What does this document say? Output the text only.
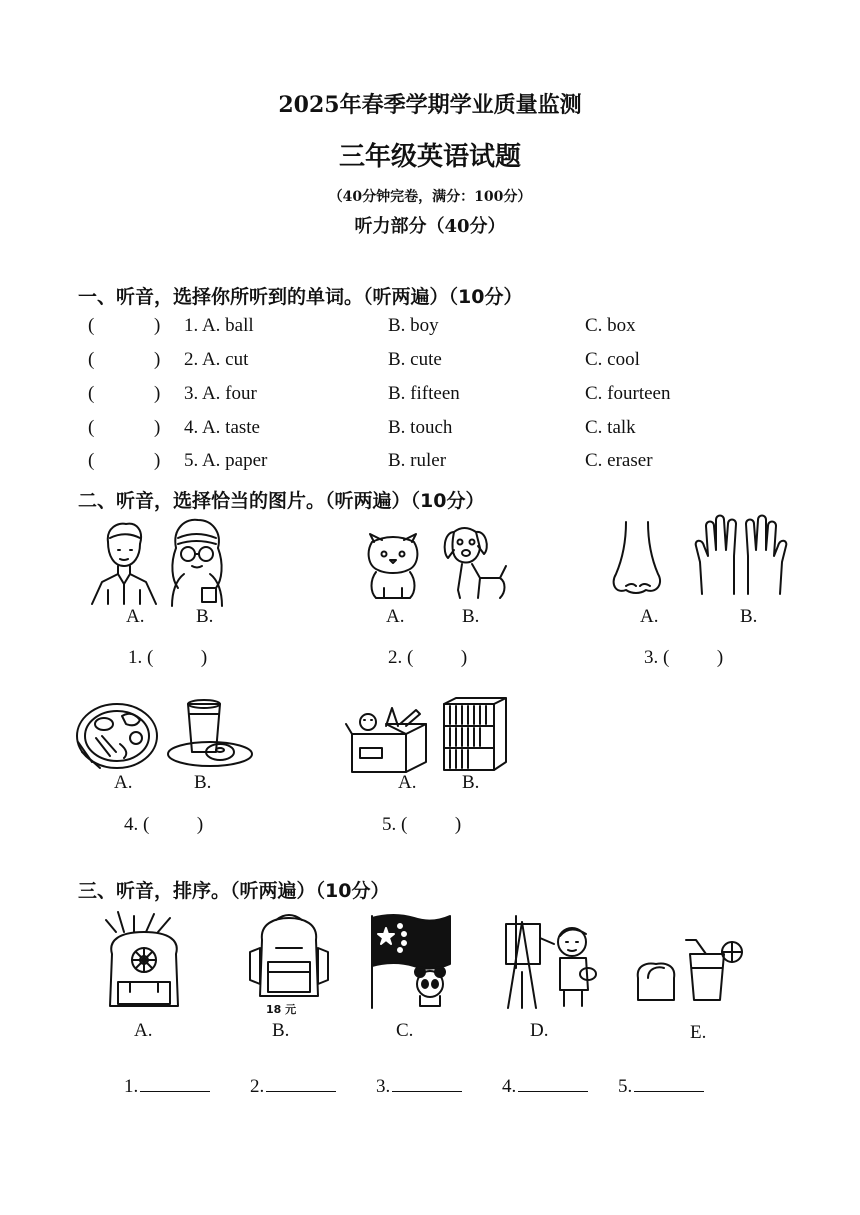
2025年春季学期学业质量监测
三年级英语试题
（40分钟完卷，满分：100分）
听力部分（40分）
一、听音，选择你所听到的单词。（听两遍）（10分）
(	) 1. A. ball	B. boy	C. box
(	) 2. A. cut	B. cute	C. cool
(	) 3. A. four	B. fifteen	C. fourteen
(	) 4. A. taste	B. touch	C. talk
(	) 5. A. paper	B. ruler	C. eraser
二、听音，选择恰当的图片。（听两遍）（10分）
A.	B.	A.	B.	A.	B.
1. (          )	2. (          )	3. (          )
A.	B.	A. B.
4. (          )	5. (          )
三、听音，排序。（听两遍）（10分）
18 元
A.	B.	C.	D.	E.
1.	2.	3.	4.	5.
